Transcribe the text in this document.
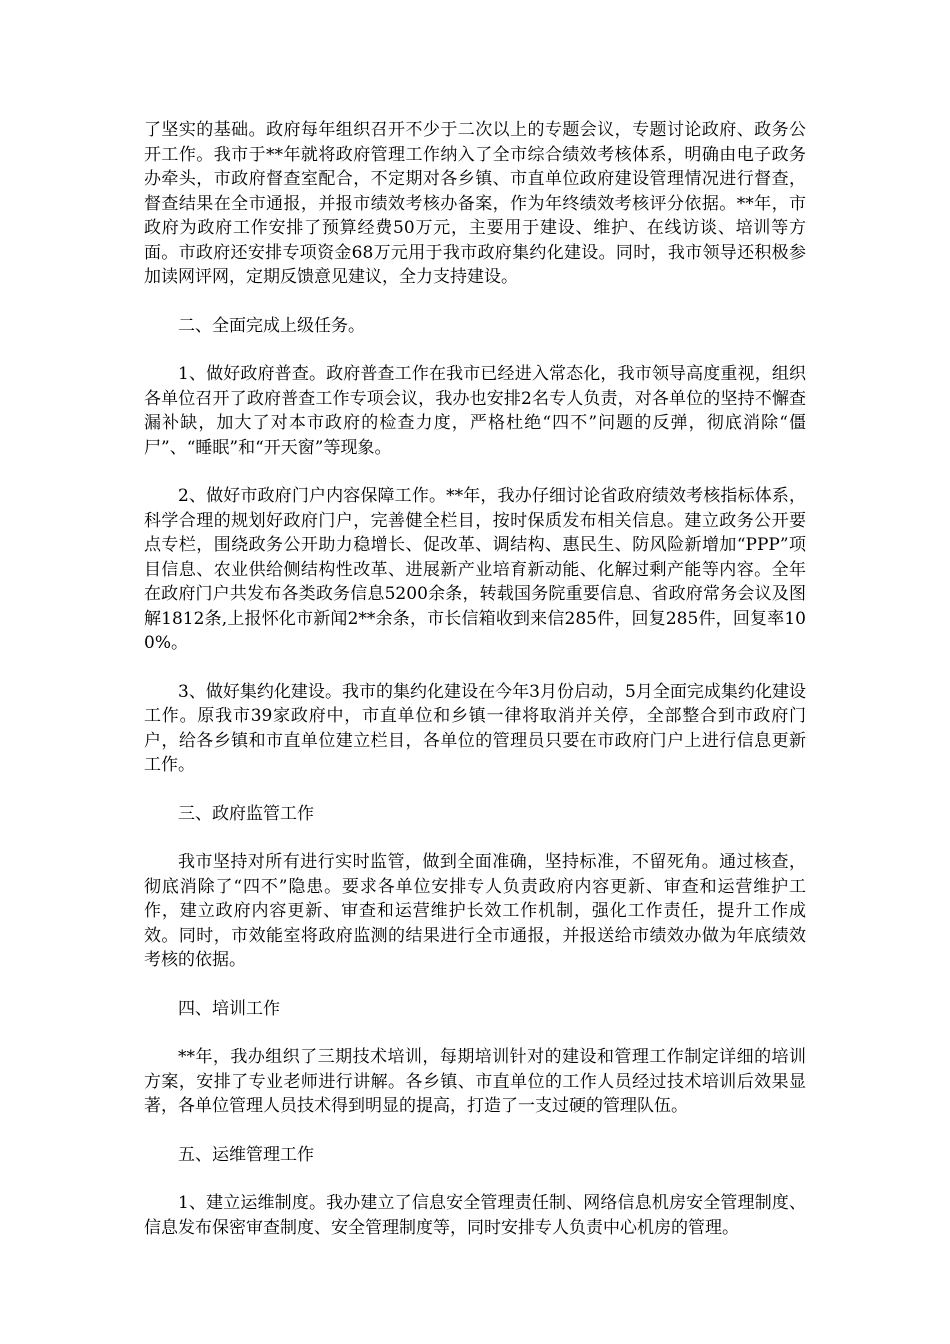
了坚实的基础。政府每年组织召开不少于二次以上的专题会议，专题讨论政府、政务公开工作。我市于**年就将政府管理工作纳入了全市综合绩效考核体系，明确由电子政务办牵头，市政府督查室配合，不定期对各乡镇、市直单位政府建设管理情况进行督查，督查结果在全市通报，并报市绩效考核办备案，作为年终绩效考核评分依据。**年，市政府为政府工作安排了预算经费50万元，主要用于建设、维护、在线访谈、培训等方面。市政府还安排专项资金68万元用于我市政府集约化建设。同时，我市领导还积极参加读网评网，定期反馈意见建议，全力支持建设。

二、全面完成上级任务。

1、做好政府普查。政府普查工作在我市已经进入常态化，我市领导高度重视，组织各单位召开了政府普查工作专项会议，我办也安排2名专人负责，对各单位的坚持不懈查漏补缺，加大了对本市政府的检查力度，严格杜绝“四不”问题的反弹，彻底消除“僵尸”、“睡眠”和“开天窗”等现象。

2、做好市政府门户内容保障工作。**年，我办仔细讨论省政府绩效考核指标体系，科学合理的规划好政府门户，完善健全栏目，按时保质发布相关信息。建立政务公开要点专栏，围绕政务公开助力稳增长、促改革、调结构、惠民生、防风险新增加“PPP”项目信息、农业供给侧结构性改革、进展新产业培育新动能、化解过剩产能等内容。全年在政府门户共发布各类政务信息5200余条，转载国务院重要信息、省政府常务会议及图解1812条,上报怀化市新闻2**余条，市长信箱收到来信285件，回复285件，回复率100%。

3、做好集约化建设。我市的集约化建设在今年3月份启动，5月全面完成集约化建设工作。原我市39家政府中，市直单位和乡镇一律将取消并关停，全部整合到市政府门户，给各乡镇和市直单位建立栏目，各单位的管理员只要在市政府门户上进行信息更新工作。

三、政府监管工作

我市坚持对所有进行实时监管，做到全面准确，坚持标准，不留死角。通过核查，彻底消除了“四不”隐患。要求各单位安排专人负责政府内容更新、审查和运营维护工作，建立政府内容更新、审查和运营维护长效工作机制，强化工作责任，提升工作成效。同时，市效能室将政府监测的结果进行全市通报，并报送给市绩效办做为年底绩效考核的依据。

四、培训工作

**年，我办组织了三期技术培训，每期培训针对的建设和管理工作制定详细的培训方案，安排了专业老师进行讲解。各乡镇、市直单位的工作人员经过技术培训后效果显著，各单位管理人员技术得到明显的提高，打造了一支过硬的管理队伍。

五、运维管理工作

1、建立运维制度。我办建立了信息安全管理责任制、网络信息机房安全管理制度、信息发布保密审查制度、安全管理制度等，同时安排专人负责中心机房的管理。
